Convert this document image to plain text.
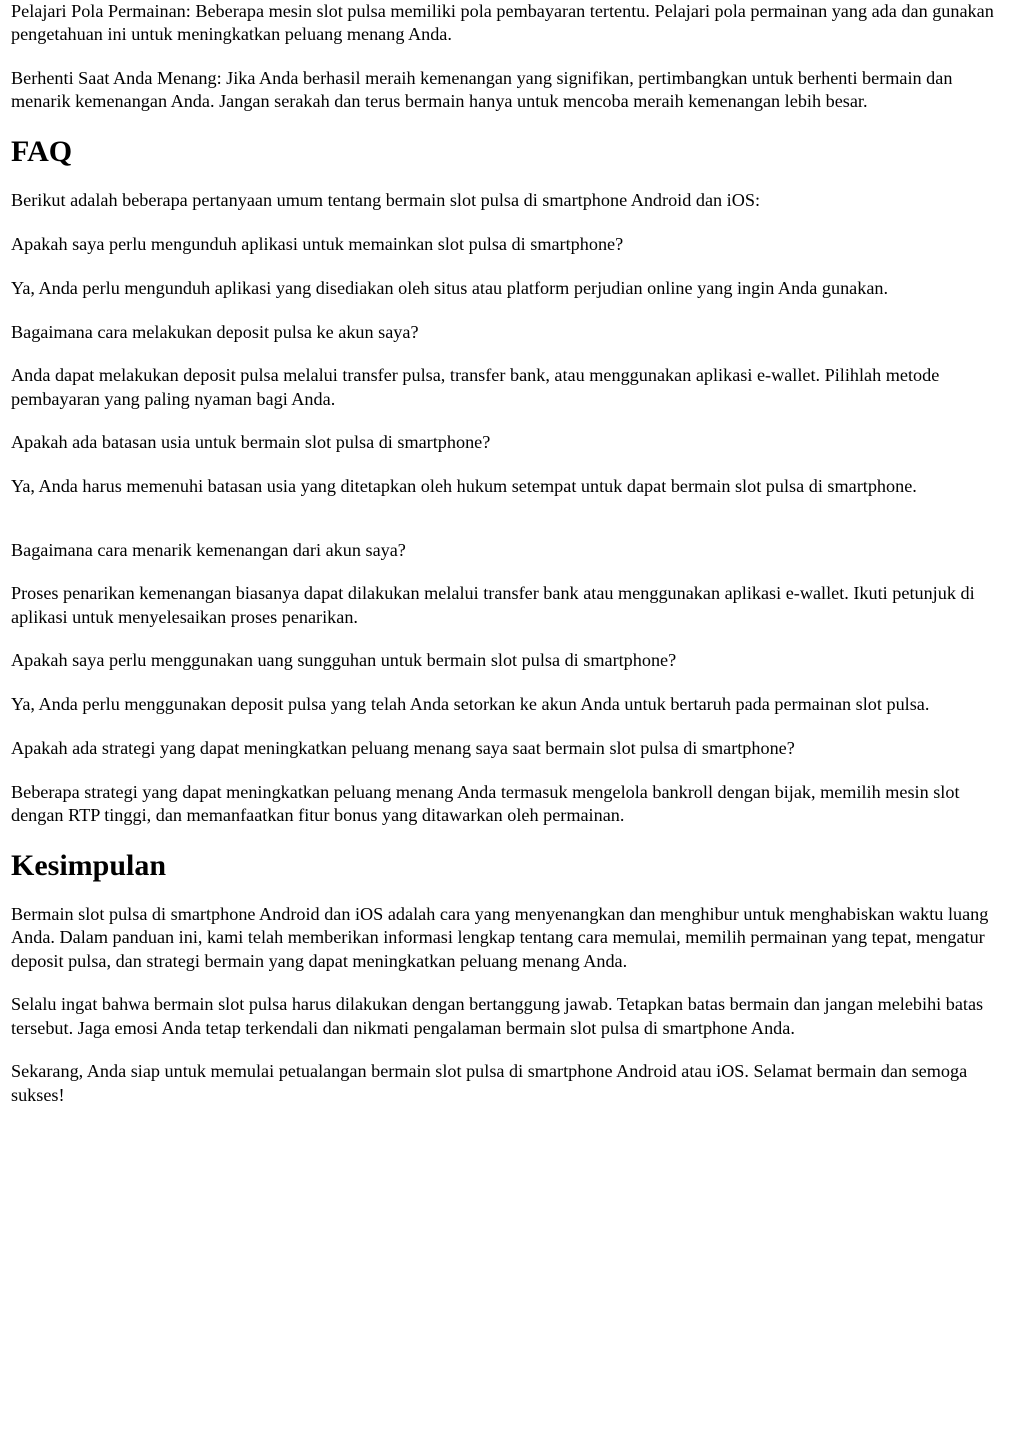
Pelajari Pola Permainan: Beberapa mesin slot pulsa memiliki pola pembayaran tertentu. Pelajari pola permainan yang ada dan gunakan pengetahuan ini untuk meningkatkan peluang menang Anda.

Berhenti Saat Anda Menang: Jika Anda berhasil meraih kemenangan yang signifikan, pertimbangkan untuk berhenti bermain dan menarik kemenangan Anda. Jangan serakah dan terus bermain hanya untuk mencoba meraih kemenangan lebih besar.

FAQ

Berikut adalah beberapa pertanyaan umum tentang bermain slot pulsa di smartphone Android dan iOS:

Apakah saya perlu mengunduh aplikasi untuk memainkan slot pulsa di smartphone?

Ya, Anda perlu mengunduh aplikasi yang disediakan oleh situs atau platform perjudian online yang ingin Anda gunakan.

Bagaimana cara melakukan deposit pulsa ke akun saya?

Anda dapat melakukan deposit pulsa melalui transfer pulsa, transfer bank, atau menggunakan aplikasi e-wallet. Pilihlah metode pembayaran yang paling nyaman bagi Anda.

Apakah ada batasan usia untuk bermain slot pulsa di smartphone?

Ya, Anda harus memenuhi batasan usia yang ditetapkan oleh hukum setempat untuk dapat bermain slot pulsa di smartphone.

Bagaimana cara menarik kemenangan dari akun saya?

Proses penarikan kemenangan biasanya dapat dilakukan melalui transfer bank atau menggunakan aplikasi e-wallet. Ikuti petunjuk di aplikasi untuk menyelesaikan proses penarikan.

Apakah saya perlu menggunakan uang sungguhan untuk bermain slot pulsa di smartphone?

Ya, Anda perlu menggunakan deposit pulsa yang telah Anda setorkan ke akun Anda untuk bertaruh pada permainan slot pulsa.

Apakah ada strategi yang dapat meningkatkan peluang menang saya saat bermain slot pulsa di smartphone?

Beberapa strategi yang dapat meningkatkan peluang menang Anda termasuk mengelola bankroll dengan bijak, memilih mesin slot dengan RTP tinggi, dan memanfaatkan fitur bonus yang ditawarkan oleh permainan.

Kesimpulan

Bermain slot pulsa di smartphone Android dan iOS adalah cara yang menyenangkan dan menghibur untuk menghabiskan waktu luang Anda. Dalam panduan ini, kami telah memberikan informasi lengkap tentang cara memulai, memilih permainan yang tepat, mengatur deposit pulsa, dan strategi bermain yang dapat meningkatkan peluang menang Anda.

Selalu ingat bahwa bermain slot pulsa harus dilakukan dengan bertanggung jawab. Tetapkan batas bermain dan jangan melebihi batas tersebut. Jaga emosi Anda tetap terkendali dan nikmati pengalaman bermain slot pulsa di smartphone Anda.

Sekarang, Anda siap untuk memulai petualangan bermain slot pulsa di smartphone Android atau iOS. Selamat bermain dan semoga sukses!
